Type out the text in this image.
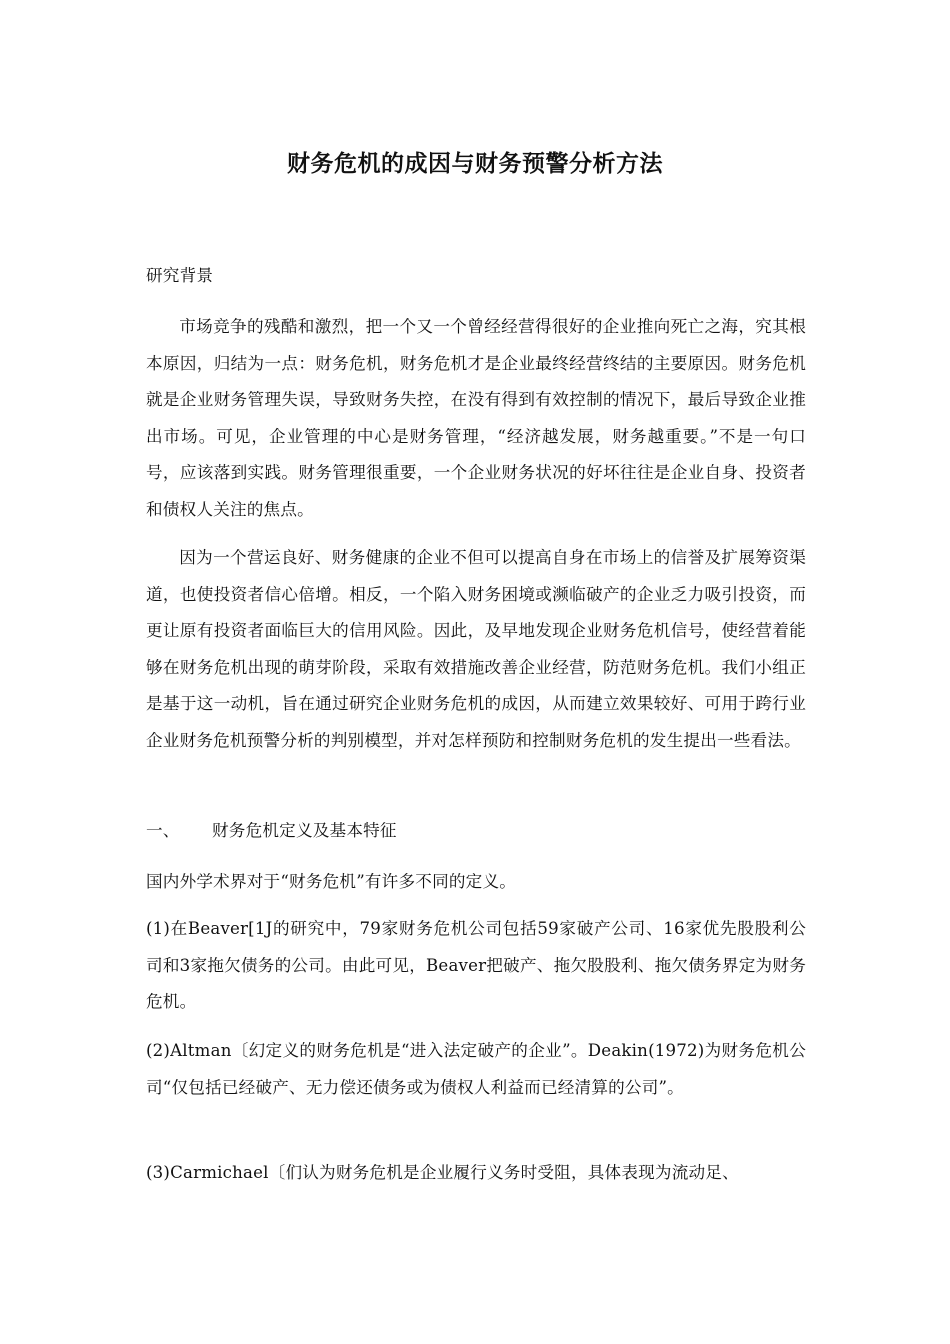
财务危机的成因与财务预警分析方法

研究背景

市场竞争的残酷和激烈，把一个又一个曾经经营得很好的企业推向死亡之海，究其根本原因，归结为一点：财务危机，财务危机才是企业最终经营终结的主要原因。财务危机就是企业财务管理失误，导致财务失控，在没有得到有效控制的情况下，最后导致企业推出市场。可见，企业管理的中心是财务管理，“经济越发展，财务越重要。”不是一句口号，应该落到实践。财务管理很重要，一个企业财务状况的好坏往往是企业自身、投资者和债权人关注的焦点。

因为一个营运良好、财务健康的企业不但可以提高自身在市场上的信誉及扩展筹资渠道，也使投资者信心倍增。相反，一个陷入财务困境或濒临破产的企业乏力吸引投资，而更让原有投资者面临巨大的信用风险。因此，及早地发现企业财务危机信号，使经营着能够在财务危机出现的萌芽阶段，采取有效措施改善企业经营，防范财务危机。我们小组正是基于这一动机，旨在通过研究企业财务危机的成因，从而建立效果较好、可用于跨行业企业财务危机预警分析的判别模型，并对怎样预防和控制财务危机的发生提出一些看法。

一、 财务危机定义及基本特征

国内外学术界对于“财务危机”有许多不同的定义。

(1)在Beaver[1J的研究中，79家财务危机公司包括59家破产公司、16家优先股股利公司和3家拖欠债务的公司。由此可见，Beaver把破产、拖欠股股利、拖欠债务界定为财务危机。

(2)Altman〔幻定义的财务危机是“进入法定破产的企业”。Deakin(1972)为财务危机公司“仅包括已经破产、无力偿还债务或为债权人利益而已经清算的公司”。

(3)Carmichael〔们认为财务危机是企业履行义务时受阻，具体表现为流动足、
